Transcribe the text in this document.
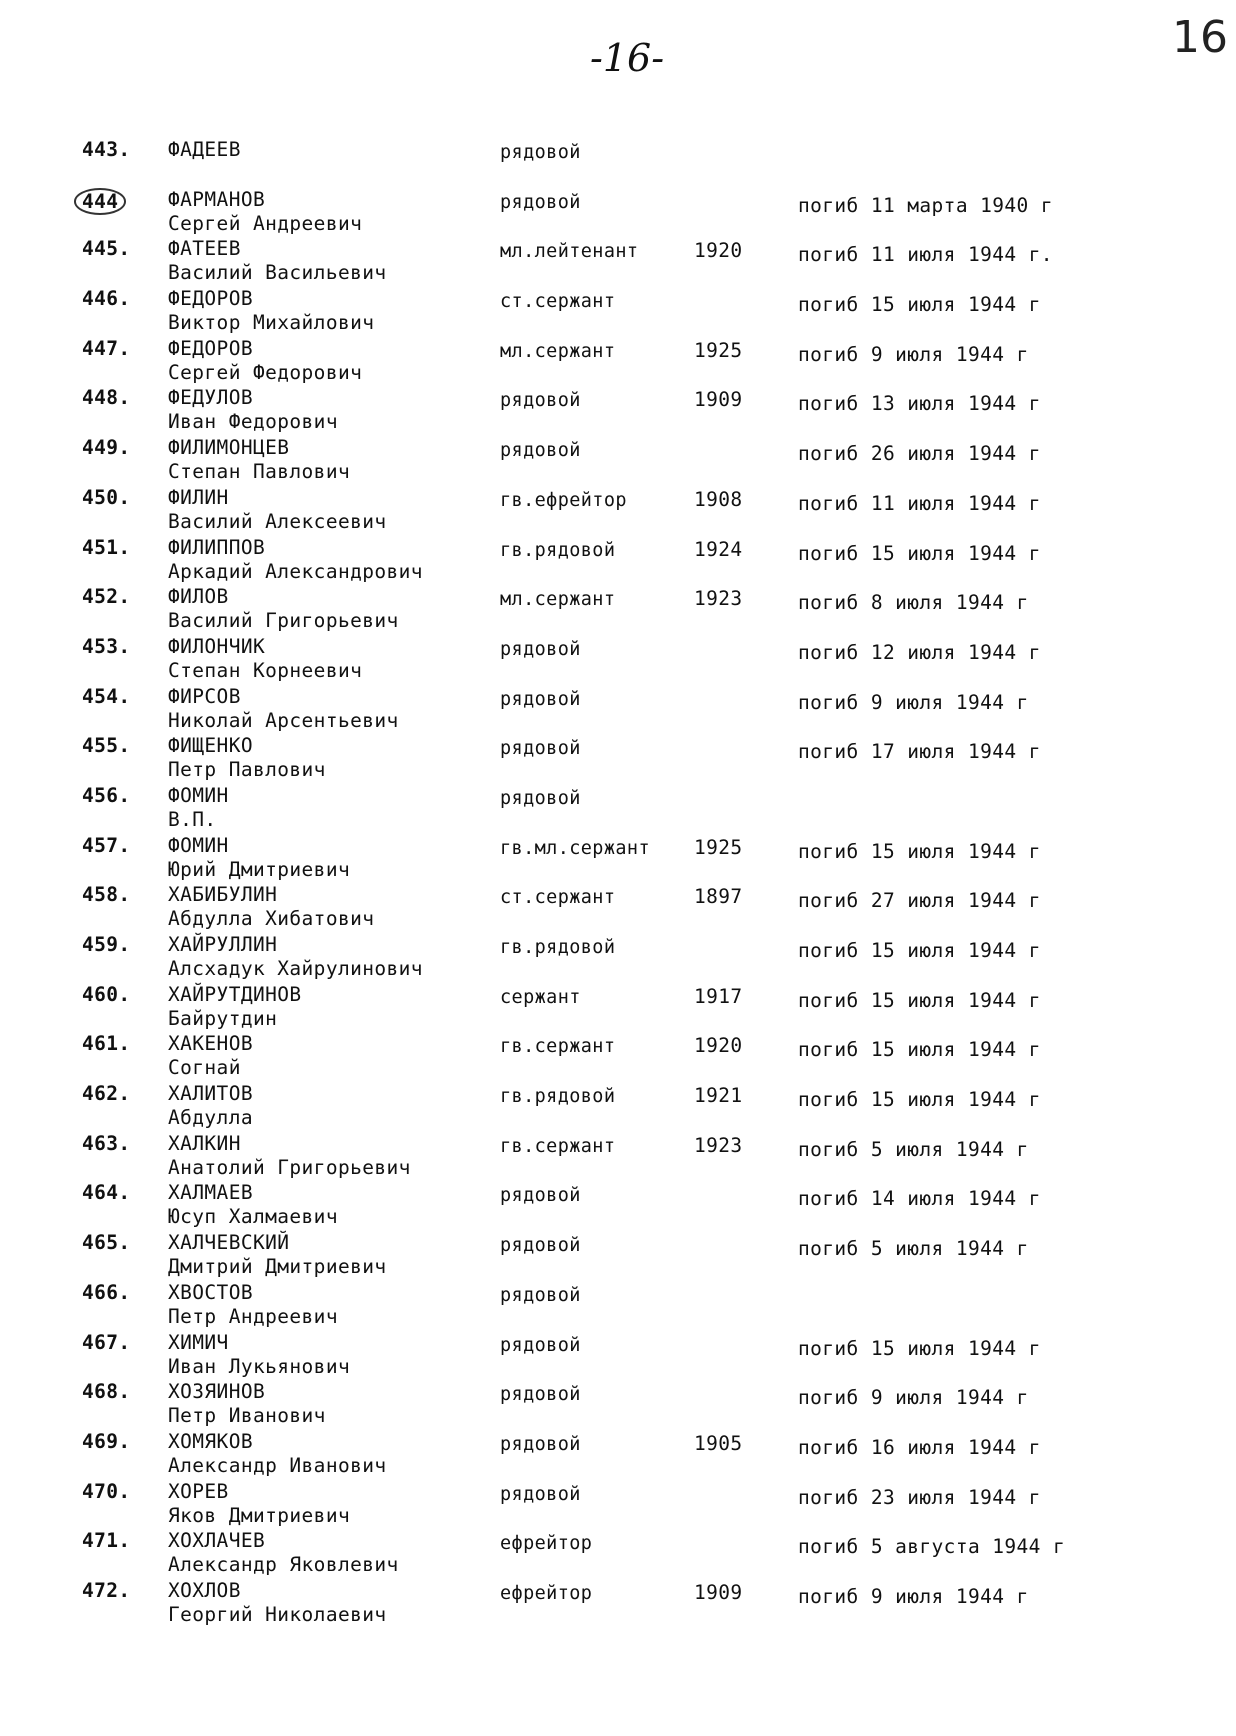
-16-	16
443. ФАДЕЕВ	рядовой
444	ФАРМАНОВ
Сергей Андреевич
рядовой	погиб 11 марта 1940 г
445. ФАТЕЕВ
Василий Васильевич
мл.лейтенант	1920	погиб 11 июля 1944 г.
446. ФЕДОРОВ
Виктор Михайлович
ст.сержант	погиб 15 июля 1944 г
447. ФЕДОРОВ
Сергей Федорович
мл.сержант	1925	погиб 9 июля 1944 г
448. ФЕДУЛОВ
Иван Федорович
рядовой	1909	погиб 13 июля 1944 г
449. ФИЛИМОНЦЕВ
Степан Павлович
рядовой	погиб 26 июля 1944 г
450. ФИЛИН
Василий Алексеевич
гв.ефрейтор	1908	погиб 11 июля 1944 г
451. ФИЛИППОВ
Аркадий Александрович
гв.рядовой	1924	погиб 15 июля 1944 г
452. ФИЛОВ
Василий Григорьевич
мл.сержант	1923	погиб 8 июля 1944 г
453. ФИЛОНЧИК
Степан Корнеевич
рядовой	погиб 12 июля 1944 г
454. ФИРСОВ
Николай Арсентьевич
рядовой	погиб 9 июля 1944 г
455. ФИЩЕНКО
Петр Павлович
рядовой	погиб 17 июля 1944 г
456. ФОМИН
В.П.
рядовой
457. ФОМИН
Юрий Дмитриевич
гв.мл.сержант 1925	погиб 15 июля 1944 г
458. ХАБИБУЛИН
Абдулла Хибатович
ст.сержант	1897	погиб 27 июля 1944 г
459. ХАЙРУЛЛИН
Алсхадук Хайрулинович
гв.рядовой	погиб 15 июля 1944 г
460. ХАЙРУТДИНОВ
Байрутдин
сержант	1917	погиб 15 июля 1944 г
461. ХАКЕНОВ
Согнай
гв.сержант	1920	погиб 15 июля 1944 г
462. ХАЛИТОВ
Абдулла
гв.рядовой	1921	погиб 15 июля 1944 г
463. ХАЛКИН
Анатолий Григорьевич
гв.сержант	1923	погиб 5 июля 1944 г
464. ХАЛМАЕВ
Юсуп Халмаевич
рядовой	погиб 14 июля 1944 г
465. ХАЛЧЕВСКИЙ
Дмитрий Дмитриевич
рядовой	погиб 5 июля 1944 г
466. ХВОСТОВ
Петр Андреевич
рядовой
467. ХИМИЧ
Иван Лукьянович
рядовой	погиб 15 июля 1944 г
468. ХОЗЯИНОВ
Петр Иванович
рядовой	погиб 9 июля 1944 г
469. ХОМЯКОВ
Александр Иванович
рядовой	1905	погиб 16 июля 1944 г
470. ХОРЕВ
Яков Дмитриевич
рядовой	погиб 23 июля 1944 г
471. ХОХЛАЧЕВ
Александр Яковлевич
ефрейтор	погиб 5 августа 1944 г
472. ХОХЛОВ
Георгий Николаевич
ефрейтор	1909	погиб 9 июля 1944 г
